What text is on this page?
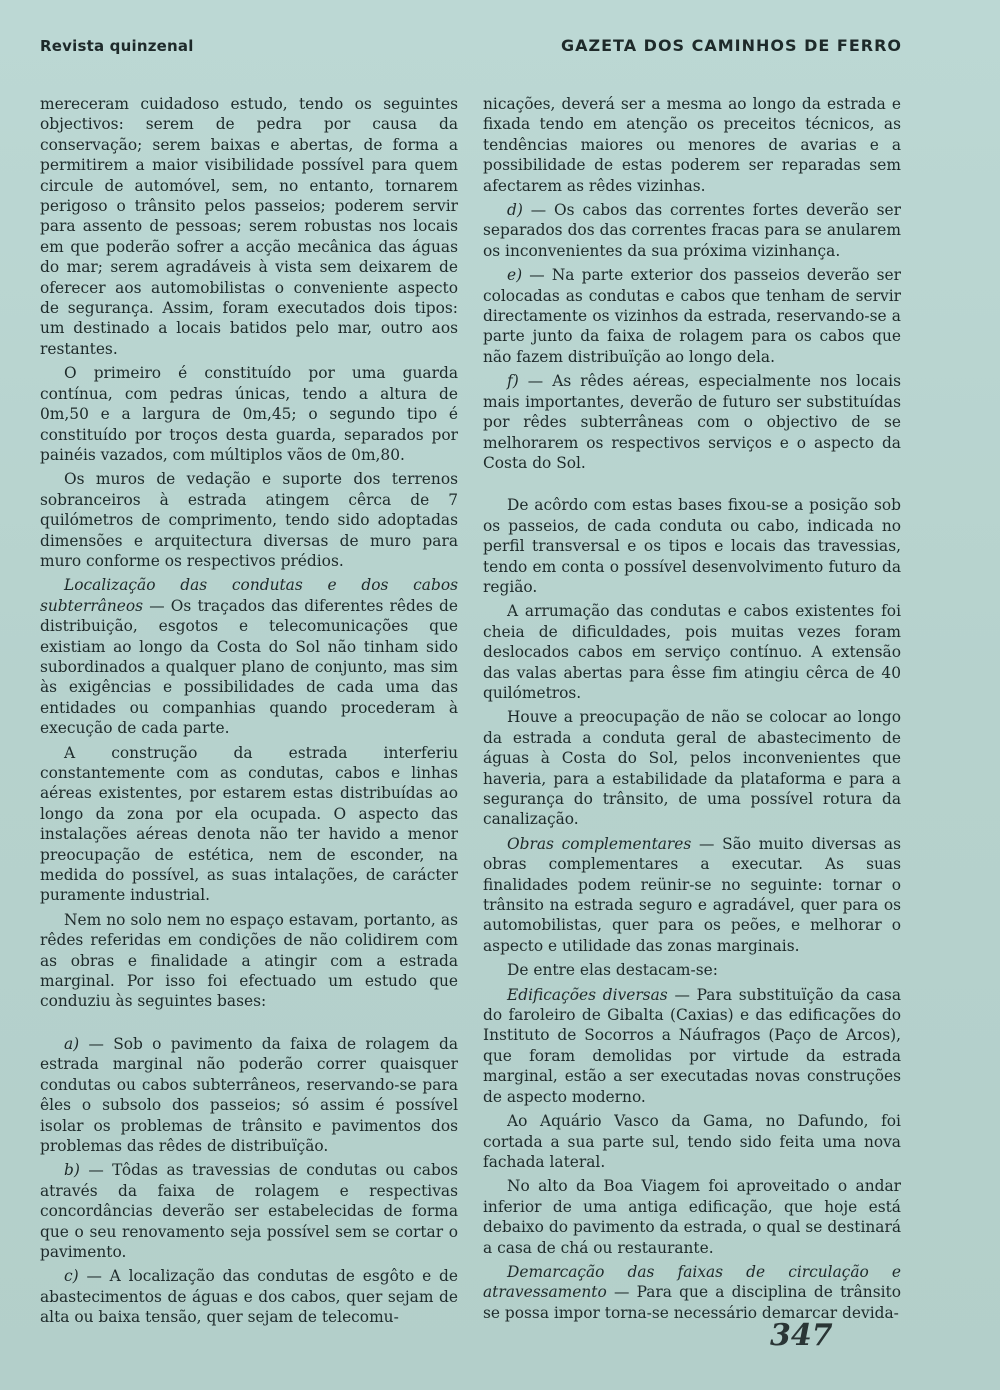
Revista quinzenal	GAZETA DOS CAMINHOS DE FERRO

mereceram cuidadoso estudo, tendo os seguintes objectivos: serem de pedra por causa da conservação; serem baixas e abertas, de forma a permitirem a maior visibilidade possível para quem circule de automóvel, sem, no entanto, tornarem perigoso o trânsito pelos passeios; poderem servir para assento de pessoas; serem robustas nos locais em que poderão sofrer a acção mecânica das águas do mar; serem agradáveis à vista sem deixarem de oferecer aos automobilistas o conveniente aspecto de segurança. Assim, foram executados dois tipos: um destinado a locais batidos pelo mar, outro aos restantes.

O primeiro é constituído por uma guarda contínua, com pedras únicas, tendo a altura de 0m,50 e a largura de 0m,45; o segundo tipo é constituído por troços desta guarda, separados por painéis vazados, com múltiplos vãos de 0m,80.

Os muros de vedação e suporte dos terrenos sobranceiros à estrada atingem cêrca de 7 quilómetros de comprimento, tendo sido adoptadas dimensões e arquitectura diversas de muro para muro conforme os respectivos prédios.

Localização das condutas e dos cabos subterrâneos — Os traçados das diferentes rêdes de distribuição, esgotos e telecomunicações que existiam ao longo da Costa do Sol não tinham sido subordinados a qualquer plano de conjunto, mas sim às exigências e possibilidades de cada uma das entidades ou companhias quando procederam à execução de cada parte.

A construção da estrada interferiu constantemente com as condutas, cabos e linhas aéreas existentes, por estarem estas distribuídas ao longo da zona por ela ocupada. O aspecto das instalações aéreas denota não ter havido a menor preocupação de estética, nem de esconder, na medida do possível, as suas intalações, de carácter puramente industrial.

Nem no solo nem no espaço estavam, portanto, as rêdes referidas em condições de não colidirem com as obras e finalidade a atingir com a estrada marginal. Por isso foi efectuado um estudo que conduziu às seguintes bases:

a) — Sob o pavimento da faixa de rolagem da estrada marginal não poderão correr quaisquer condutas ou cabos subterrâneos, reservando-se para êles o subsolo dos passeios; só assim é possível isolar os problemas de trânsito e pavimentos dos problemas das rêdes de distribuïção.

b) — Tôdas as travessias de condutas ou cabos através da faixa de rolagem e respectivas concordâncias deverão ser estabelecidas de forma que o seu renovamento seja possível sem se cortar o pavimento.

c) — A localização das condutas de esgôto e de abastecimentos de águas e dos cabos, quer sejam de alta ou baixa tensão, quer sejam de telecomu-

nicações, deverá ser a mesma ao longo da estrada e fixada tendo em atenção os preceitos técnicos, as tendências maiores ou menores de avarias e a possibilidade de estas poderem ser reparadas sem afectarem as rêdes vizinhas.

d) — Os cabos das correntes fortes deverão ser separados dos das correntes fracas para se anularem os inconvenientes da sua próxima vizinhança.

e) — Na parte exterior dos passeios deverão ser colocadas as condutas e cabos que tenham de servir directamente os vizinhos da estrada, reservando-se a parte junto da faixa de rolagem para os cabos que não fazem distribuïção ao longo dela.

f) — As rêdes aéreas, especialmente nos locais mais importantes, deverão de futuro ser substituídas por rêdes subterrâneas com o objectivo de se melhorarem os respectivos serviços e o aspecto da Costa do Sol.

De acôrdo com estas bases fixou-se a posição sob os passeios, de cada conduta ou cabo, indicada no perfil transversal e os tipos e locais das travessias, tendo em conta o possível desenvolvimento futuro da região.

A arrumação das condutas e cabos existentes foi cheia de dificuldades, pois muitas vezes foram deslocados cabos em serviço contínuo. A extensão das valas abertas para êsse fim atingiu cêrca de 40 quilómetros.

Houve a preocupação de não se colocar ao longo da estrada a conduta geral de abastecimento de águas à Costa do Sol, pelos inconvenientes que haveria, para a estabilidade da plataforma e para a segurança do trânsito, de uma possível rotura da canalização.

Obras complementares — São muito diversas as obras complementares a executar. As suas finalidades podem reünir-se no seguinte: tornar o trânsito na estrada seguro e agradável, quer para os automobilistas, quer para os peões, e melhorar o aspecto e utilidade das zonas marginais.

De entre elas destacam-se:

Edificações diversas — Para substituïção da casa do faroleiro de Gibalta (Caxias) e das edificações do Instituto de Socorros a Náufragos (Paço de Arcos), que foram demolidas por virtude da estrada marginal, estão a ser executadas novas construções de aspecto moderno.

Ao Aquário Vasco da Gama, no Dafundo, foi cortada a sua parte sul, tendo sido feita uma nova fachada lateral.

No alto da Boa Viagem foi aproveitado o andar inferior de uma antiga edificação, que hoje está debaixo do pavimento da estrada, o qual se destinará a casa de chá ou restaurante.

Demarcação das faixas de circulação e atravessamento — Para que a disciplina de trânsito se possa impor torna-se necessário demarcar devida-

347
